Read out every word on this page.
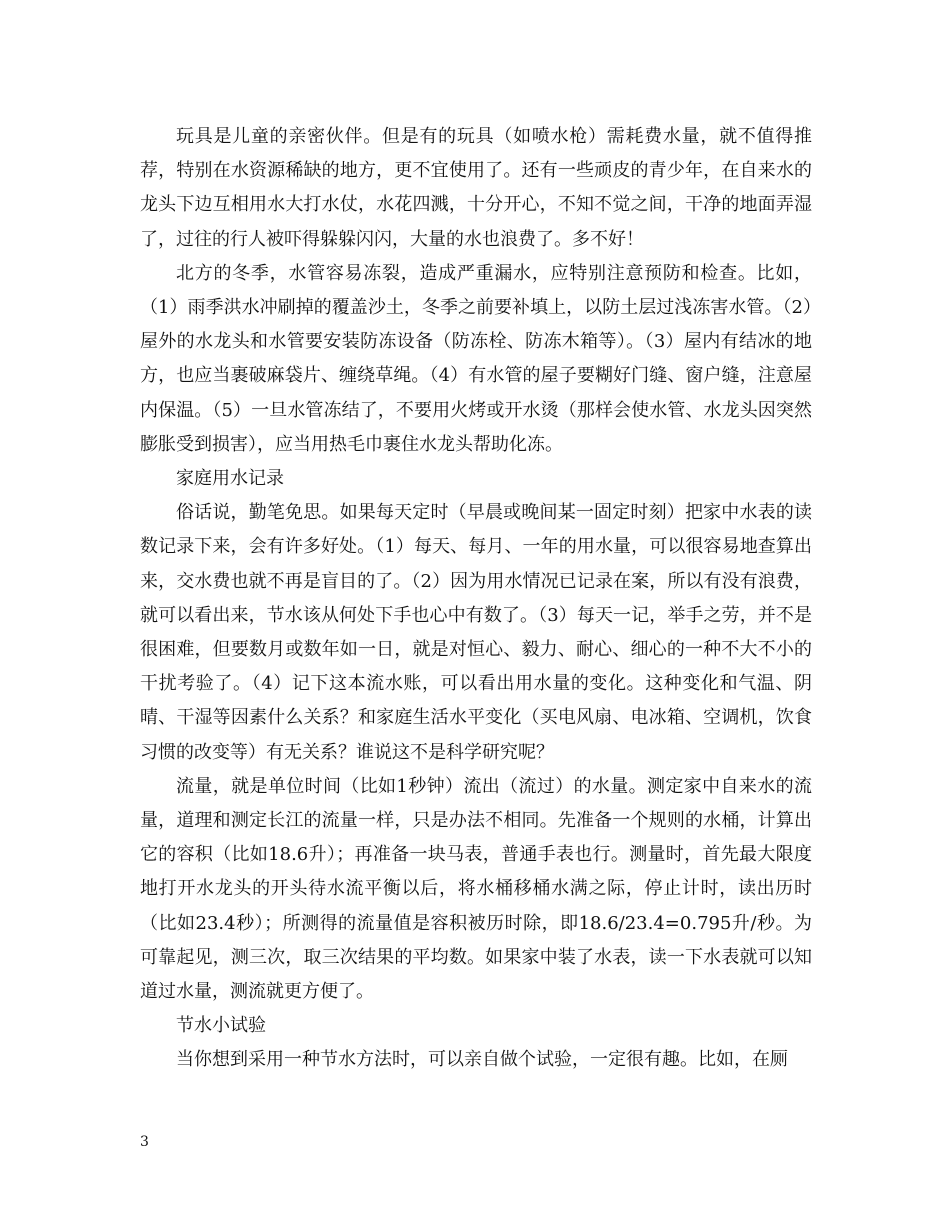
玩具是儿童的亲密伙伴。但是有的玩具（如喷水枪）需耗费水量，就不值得推荐，特别在水资源稀缺的地方，更不宜使用了。还有一些顽皮的青少年，在自来水的龙头下边互相用水大打水仗，水花四溅，十分开心，不知不觉之间，干净的地面弄湿了，过往的行人被吓得躲躲闪闪，大量的水也浪费了。多不好！

北方的冬季，水管容易冻裂，造成严重漏水，应特别注意预防和检查。比如，（1）雨季洪水冲刷掉的覆盖沙土，冬季之前要补填上，以防土层过浅冻害水管。（2）屋外的水龙头和水管要安装防冻设备（防冻栓、防冻木箱等）。（3）屋内有结冰的地方，也应当裹破麻袋片、缠绕草绳。（4）有水管的屋子要糊好门缝、窗户缝，注意屋内保温。（5）一旦水管冻结了，不要用火烤或开水烫（那样会使水管、水龙头因突然膨胀受到损害），应当用热毛巾裹住水龙头帮助化冻。

家庭用水记录

俗话说，勤笔免思。如果每天定时（早晨或晚间某一固定时刻）把家中水表的读数记录下来，会有许多好处。（1）每天、每月、一年的用水量，可以很容易地查算出来，交水费也就不再是盲目的了。（2）因为用水情况已记录在案，所以有没有浪费，就可以看出来，节水该从何处下手也心中有数了。（3）每天一记，举手之劳，并不是很困难，但要数月或数年如一日，就是对恒心、毅力、耐心、细心的一种不大不小的干扰考验了。（4）记下这本流水账，可以看出用水量的变化。这种变化和气温、阴晴、干湿等因素什么关系？和家庭生活水平变化（买电风扇、电冰箱、空调机，饮食习惯的改变等）有无关系？谁说这不是科学研究呢？

流量，就是单位时间（比如1秒钟）流出（流过）的水量。测定家中自来水的流量，道理和测定长江的流量一样，只是办法不相同。先准备一个规则的水桶，计算出它的容积（比如18.6升）；再准备一块马表，普通手表也行。测量时，首先最大限度地打开水龙头的开头待水流平衡以后，将水桶移桶水满之际，停止计时，读出历时（比如23.4秒）；所测得的流量值是容积被历时除，即18.6/23.4=0.795升/秒。为可靠起见，测三次，取三次结果的平均数。如果家中装了水表，读一下水表就可以知道过水量，测流就更方便了。

节水小试验

当你想到采用一种节水方法时，可以亲自做个试验，一定很有趣。比如，在厕

3
